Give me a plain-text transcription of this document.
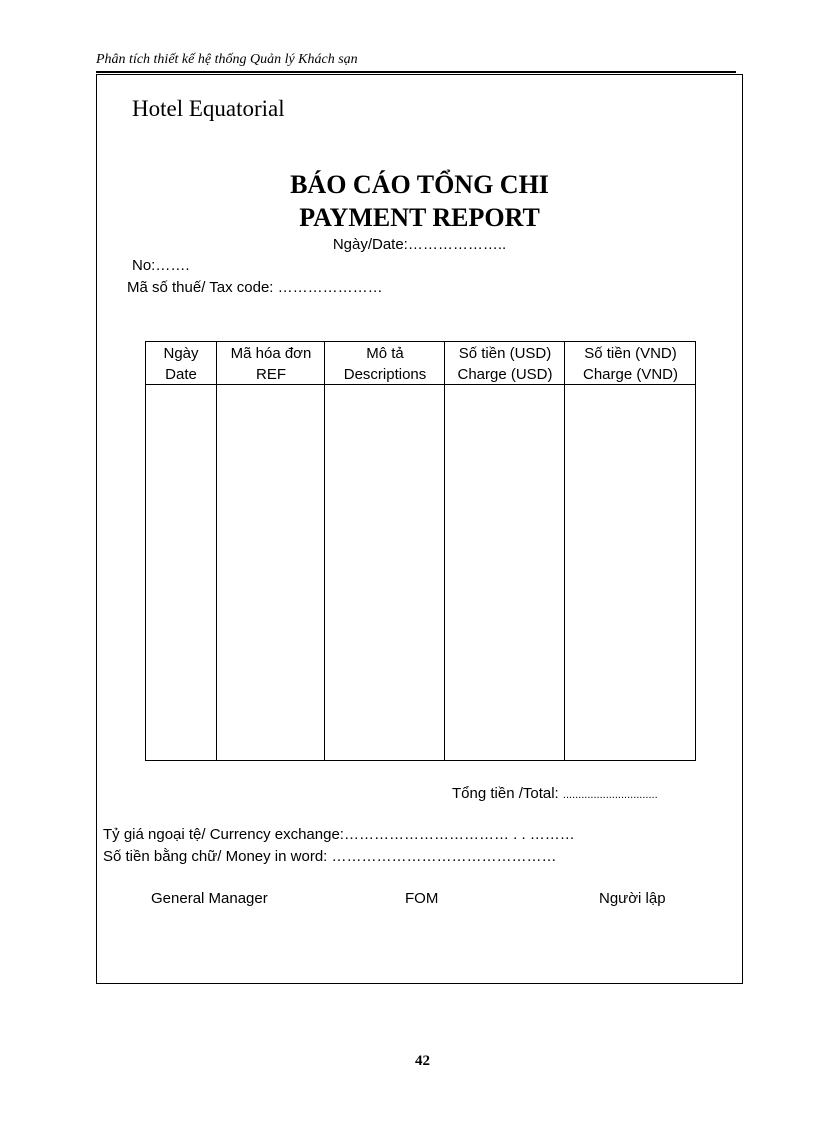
Phân tích thiết kế hệ thống Quản lý Khách sạn
Hotel Equatorial
BÁO CÁO TỔNG CHI
PAYMENT REPORT
Ngày/Date:………………..
No:…….
Mã số thuế/ Tax code: …………………
Ngày
Date
Mã hóa đơn
REF
Mô tả
Descriptions
Số tiền (USD)
Charge (USD)
Số tiền (VND)
Charge (VND)
Tổng tiền /Total: ...............................
Tỷ giá ngoại tệ/ Currency exchange:…………………………… . . ………
Số tiền bằng chữ/ Money in word: ………………………………………
General Manager	FOM	Người lập
42
